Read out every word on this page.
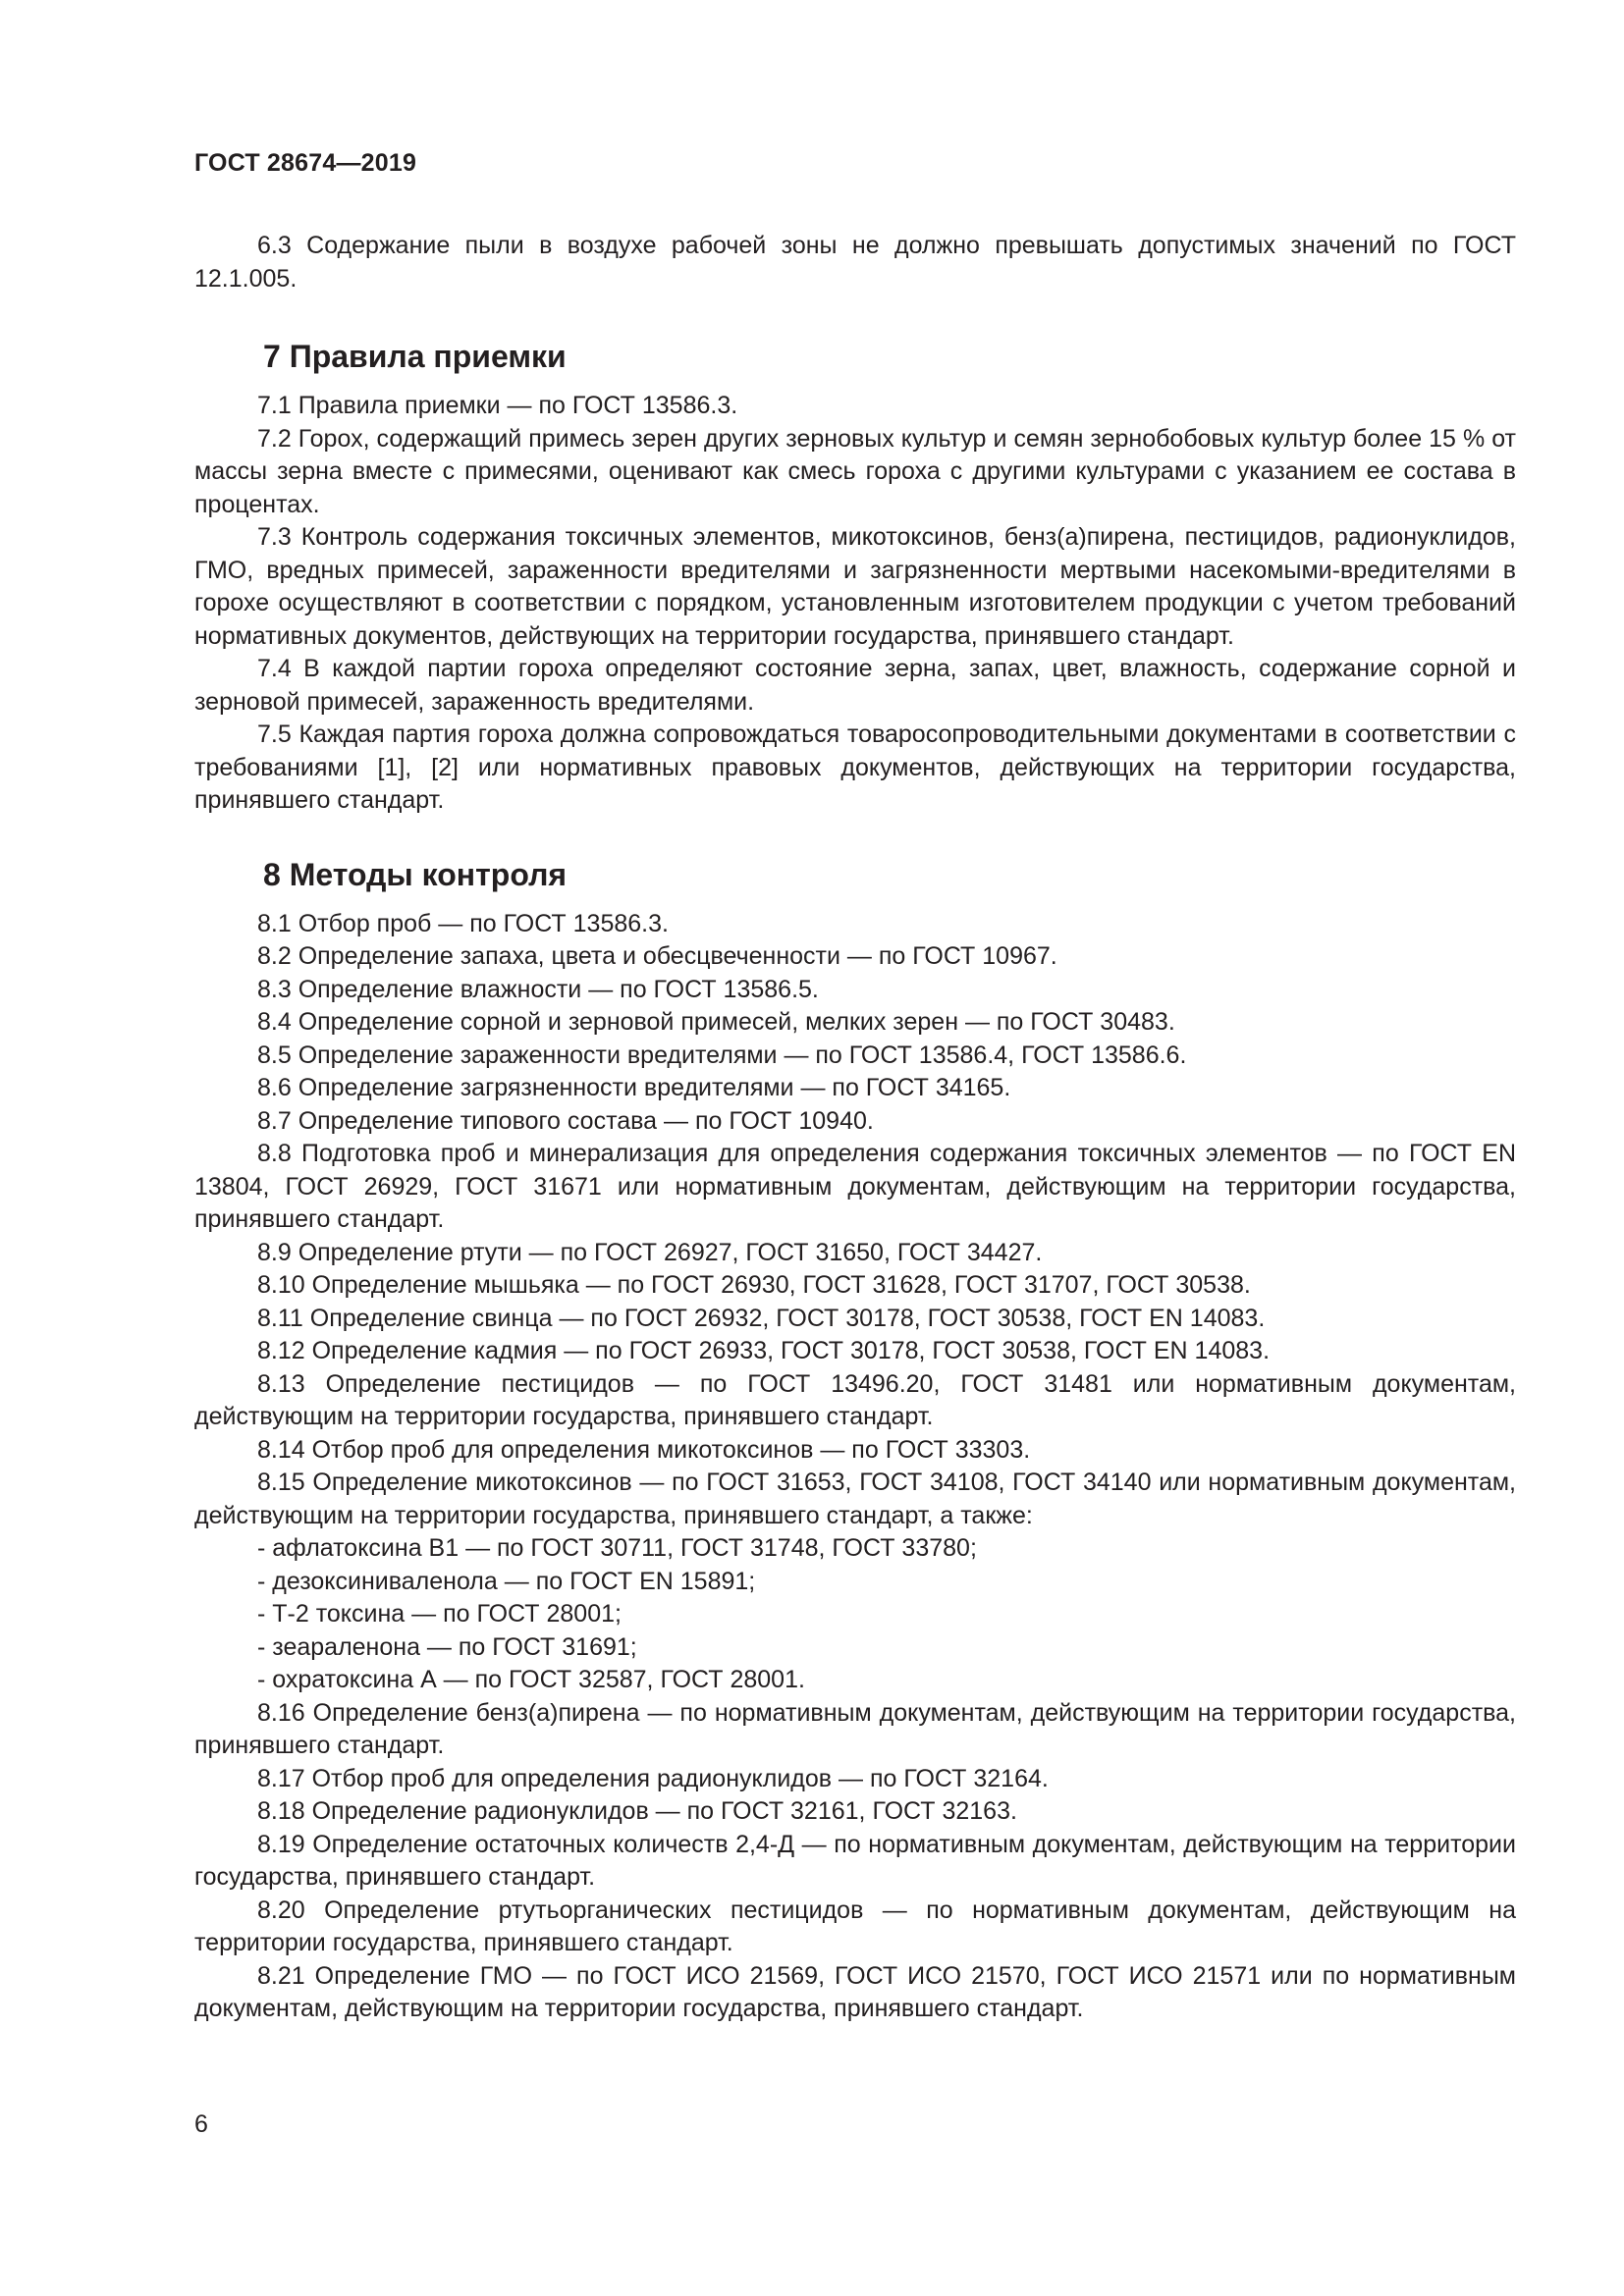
ГОСТ 28674—2019

6.3 Содержание пыли в воздухе рабочей зоны не должно превышать допустимых значений по ГОСТ 12.1.005.

7 Правила приемки

7.1 Правила приемки — по ГОСТ 13586.3.

7.2 Горох, содержащий примесь зерен других зерновых культур и семян зернобобовых культур более 15 % от массы зерна вместе с примесями, оценивают как смесь гороха с другими культурами с указанием ее состава в процентах.

7.3 Контроль содержания токсичных элементов, микотоксинов, бенз(а)пирена, пестицидов, радионуклидов, ГМО, вредных примесей, зараженности вредителями и загрязненности мертвыми насекомыми-вредителями в горохе осуществляют в соответствии с порядком, установленным изготовителем продукции с учетом требований нормативных документов, действующих на территории государства, принявшего стандарт.

7.4 В каждой партии гороха определяют состояние зерна, запах, цвет, влажность, содержание сорной и зерновой примесей, зараженность вредителями.

7.5 Каждая партия гороха должна сопровождаться товаросопроводительными документами в соответствии с требованиями [1], [2] или нормативных правовых документов, действующих на территории государства, принявшего стандарт.

8 Методы контроля

8.1 Отбор проб — по ГОСТ 13586.3.

8.2 Определение запаха, цвета и обесцвеченности — по ГОСТ 10967.

8.3 Определение влажности — по ГОСТ 13586.5.

8.4 Определение сорной и зерновой примесей, мелких зерен — по ГОСТ 30483.

8.5 Определение зараженности вредителями — по ГОСТ 13586.4, ГОСТ 13586.6.

8.6 Определение загрязненности вредителями — по ГОСТ 34165.

8.7 Определение типового состава — по ГОСТ 10940.

8.8 Подготовка проб и минерализация для определения содержания токсичных элементов — по ГОСТ EN 13804, ГОСТ 26929, ГОСТ 31671 или нормативным документам, действующим на территории государства, принявшего стандарт.

8.9 Определение ртути — по ГОСТ 26927, ГОСТ 31650, ГОСТ 34427.

8.10 Определение мышьяка — по ГОСТ 26930, ГОСТ 31628, ГОСТ 31707, ГОСТ 30538.

8.11 Определение свинца — по ГОСТ 26932, ГОСТ 30178, ГОСТ 30538, ГОСТ EN 14083.

8.12 Определение кадмия — по ГОСТ 26933, ГОСТ 30178, ГОСТ 30538, ГОСТ EN 14083.

8.13 Определение пестицидов — по ГОСТ 13496.20, ГОСТ 31481 или нормативным документам, действующим на территории государства, принявшего стандарт.

8.14 Отбор проб для определения микотоксинов — по ГОСТ 33303.

8.15 Определение микотоксинов — по ГОСТ 31653, ГОСТ 34108, ГОСТ 34140 или нормативным документам, действующим на территории государства, принявшего стандарт, а также:

- афлатоксина В1 — по ГОСТ 30711, ГОСТ 31748, ГОСТ 33780;
- дезоксиниваленола — по ГОСТ EN 15891;
- Т-2 токсина — по ГОСТ 28001;
- зеараленона — по ГОСТ 31691;
- охратоксина А — по ГОСТ 32587, ГОСТ 28001.

8.16 Определение бенз(а)пирена — по нормативным документам, действующим на территории государства, принявшего стандарт.

8.17 Отбор проб для определения радионуклидов — по ГОСТ 32164.

8.18 Определение радионуклидов — по ГОСТ 32161, ГОСТ 32163.

8.19 Определение остаточных количеств 2,4-Д — по нормативным документам, действующим на территории государства, принявшего стандарт.

8.20 Определение ртутьорганических пестицидов — по нормативным документам, действующим на территории государства, принявшего стандарт.

8.21 Определение ГМО — по ГОСТ ИСО 21569, ГОСТ ИСО 21570, ГОСТ ИСО 21571 или по нормативным документам, действующим на территории государства, принявшего стандарт.

6
